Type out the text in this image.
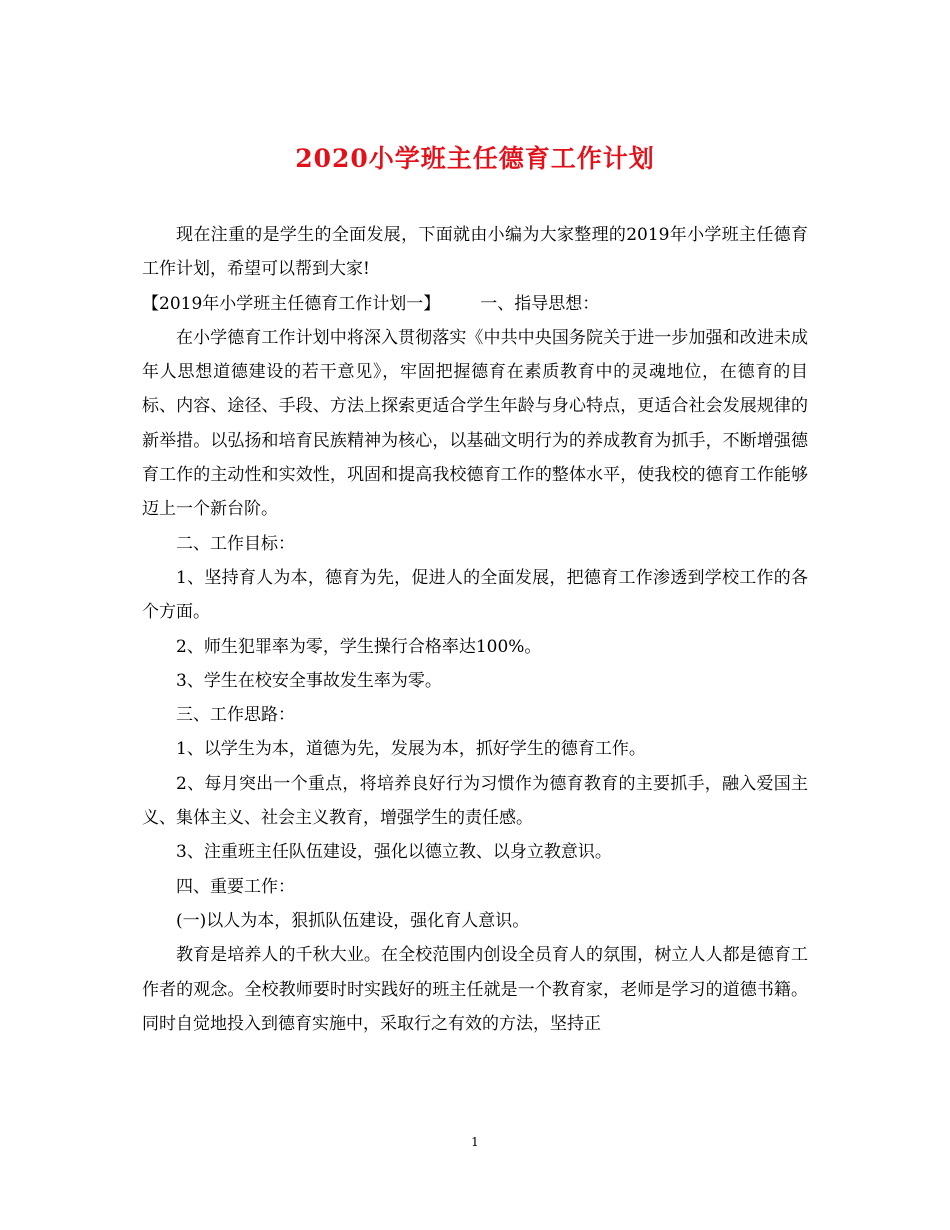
2020小学班主任德育工作计划

现在注重的是学生的全面发展，下面就由小编为大家整理的2019年小学班主任德育工作计划，希望可以帮到大家!

【2019年小学班主任德育工作计划一】 一、指导思想：

在小学德育工作计划中将深入贯彻落实《中共中央国务院关于进一步加强和改进未成年人思想道德建设的若干意见》，牢固把握德育在素质教育中的灵魂地位，在德育的目标、内容、途径、手段、方法上探索更适合学生年龄与身心特点，更适合社会发展规律的新举措。以弘扬和培育民族精神为核心，以基础文明行为的养成教育为抓手，不断增强德育工作的主动性和实效性，巩固和提高我校德育工作的整体水平，使我校的德育工作能够迈上一个新台阶。

二、工作目标：

1、坚持育人为本，德育为先，促进人的全面发展，把德育工作渗透到学校工作的各个方面。

2、师生犯罪率为零，学生操行合格率达100%。

3、学生在校安全事故发生率为零。

三、工作思路：

1、以学生为本，道德为先，发展为本，抓好学生的德育工作。

2、每月突出一个重点，将培养良好行为习惯作为德育教育的主要抓手，融入爱国主义、集体主义、社会主义教育，增强学生的责任感。

3、注重班主任队伍建设，强化以德立教、以身立教意识。

四、重要工作：

(一)以人为本，狠抓队伍建设，强化育人意识。

教育是培养人的千秋大业。在全校范围内创设全员育人的氛围，树立人人都是德育工作者的观念。全校教师要时时实践好的班主任就是一个教育家，老师是学习的道德书籍。同时自觉地投入到德育实施中，采取行之有效的方法，坚持正

1
